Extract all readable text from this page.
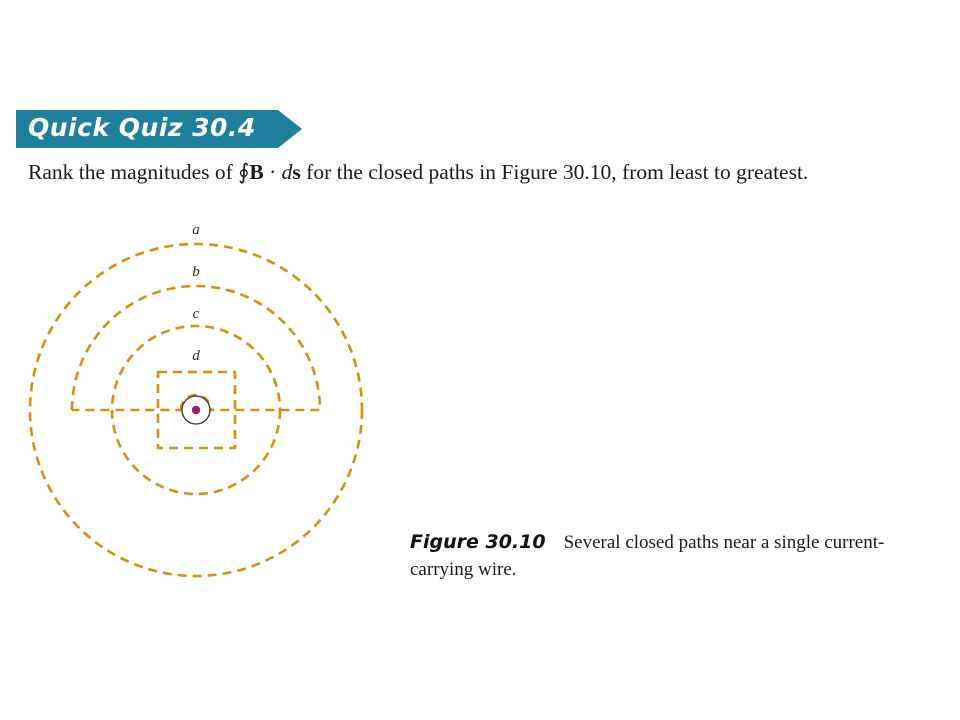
Quick Quiz 30.4
Rank the magnitudes of ∮B · ds for the closed paths in Figure 30.10, from least to greatest.
a
b
c
d
Figure 30.10 Several closed paths near a single current-carrying wire.
